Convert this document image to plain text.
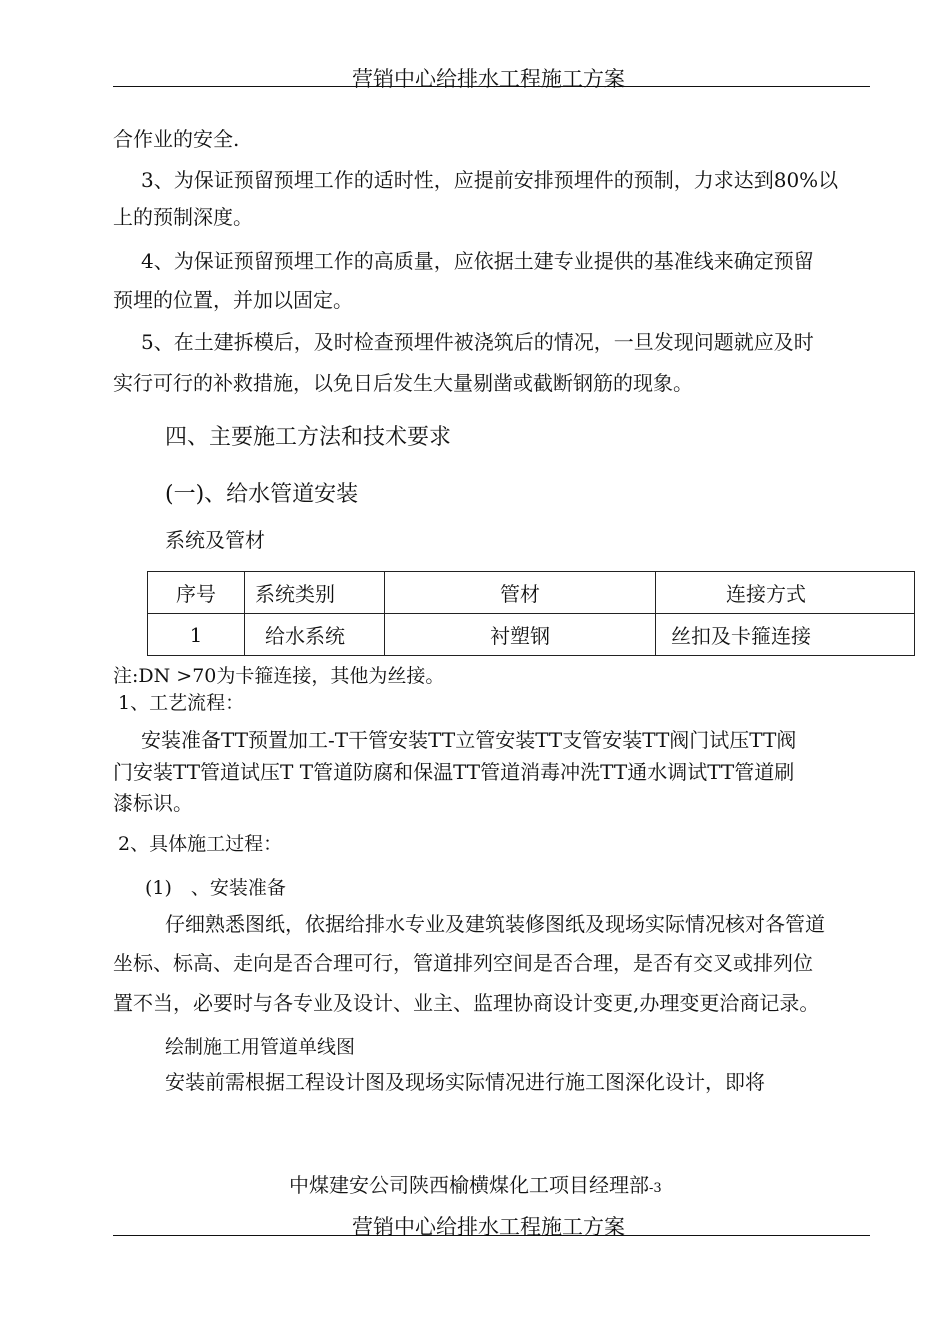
营销中心给排水工程施工方案
合作业的安全.
3、为保证预留预埋工作的适时性，应提前安排预埋件的预制，力求达到80%以
上的预制深度。
4、为保证预留预埋工作的高质量，应依据土建专业提供的基准线来确定预留
预埋的位置，并加以固定。
5、在土建拆模后，及时检查预埋件被浇筑后的情况，一旦发现问题就应及时
实行可行的补救措施，以免日后发生大量剔凿或截断钢筋的现象。
四、主要施工方法和技术要求
(一)、给水管道安装
系统及管材
序号	系统类别	管材	连接方式
1	给水系统	衬塑钢	丝扣及卡箍连接
注:DN >70为卡箍连接，其他为丝接。
1、工艺流程：
安装准备TT预置加工-T干管安装TT立管安装TT支管安装TT阀门试压TT阀
门安装TT管道试压T T管道防腐和保温TT管道消毒冲洗TT通水调试TT管道刷
漆标识。
2、具体施工过程：
(1)　、安装准备
仔细熟悉图纸，依据给排水专业及建筑装修图纸及现场实际情况核对各管道
坐标、标高、走向是否合理可行，管道排列空间是否合理，是否有交叉或排列位
置不当，必要时与各专业及设计、业主、监理协商设计变更,办理变更洽商记录。
绘制施工用管道单线图
安装前需根据工程设计图及现场实际情况进行施工图深化设计，即将
中煤建安公司陕西榆横煤化工项目经理部-3
营销中心给排水工程施工方案
